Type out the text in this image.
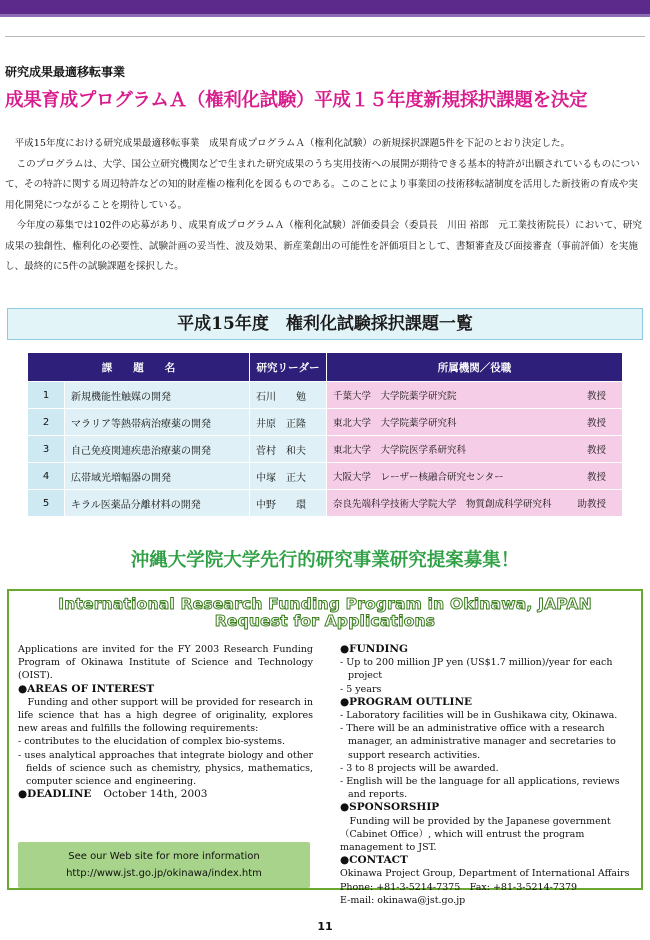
研究成果最適移転事業
成果育成プログラムＡ（権利化試験）平成１５年度新規採択課題を決定

平成15年度における研究成果最適移転事業　成果育成プログラムＡ（権利化試験）の新規採択課題5件を下記のとおり決定した。

このプログラムは、大学、国公立研究機関などで生まれた研究成果のうち実用技術への展開が期待できる基本的特許が出願されているものについて、その特許に関する周辺特許などの知的財産権の権利化を図るものである。このことにより事業団の技術移転諸制度を活用した新技術の育成や実用化開発につながることを期待している。

今年度の募集では102件の応募があり、成果育成プログラムＡ（権利化試験）評価委員会（委員長　川田 裕郎　元工業技術院長）において、研究成果の独創性、権利化の必要性、試験計画の妥当性、波及効果、新産業創出の可能性を評価項目として、書類審査及び面接審査（事前評価）を実施し、最終的に5件の試験課題を採択した。

平成15年度　権利化試験採択課題一覧
課　　題　　名		研究リーダー	所属機関／役職
1	新規機能性触媒の開発	石川　　勉	千葉大学　大学院薬学研究院 教授

2	マラリア等熱帯病治療薬の開発	井原　正隆	東北大学　大学院薬学研究科 教授

3	自己免疫関連疾患治療薬の開発	菅村　和夫	東北大学　大学院医学系研究科 教授

4	広帯域光増幅器の開発	中塚　正大	大阪大学　レーザー核融合研究センター 教授

5	キラル医薬品分離材料の開発	中野　　環	奈良先端科学技術大学院大学　物質創成科学研究科 助教授
沖縄大学院大学先行的研究事業研究提案募集！
International Research Funding Program in Okinawa, JAPAN
Request for Applications

Applications are invited for the FY 2003 Research Funding Program of Okinawa Institute of Science and Technology (OIST).

●AREAS OF INTEREST

Funding and other support will be provided for research in life science that has a high degree of originality, explores new areas and fulfills the following requirements:

- contributes to the elucidation of complex bio-systems.
- uses analytical approaches that integrate biology and other fields of science such as chemistry, physics, mathematics, computer science and engineering.
●DEADLINE October 14th, 2003
See our Web site for more information
http://www.jst.go.jp/okinawa/index.htm
●FUNDING
- Up to 200 million JP yen (US$1.7 million)/year for each project
- 5 years
●PROGRAM OUTLINE
- Laboratory facilities will be in Gushikawa city, Okinawa.
- There will be an administrative office with a research manager, an administrative manager and secretaries to support research activities.
- 3 to 8 projects will be awarded.
- English will be the language for all applications, reviews and reports.
●SPONSORSHIP

Funding will be provided by the Japanese government（Cabinet Office）, which will entrust the program management to JST.

●CONTACT

Okinawa Project Group, Department of International Affairs

Phone: +81-3-5214-7375　Fax: +81-3-5214-7379

E-mail: okinawa@jst.go.jp

11
